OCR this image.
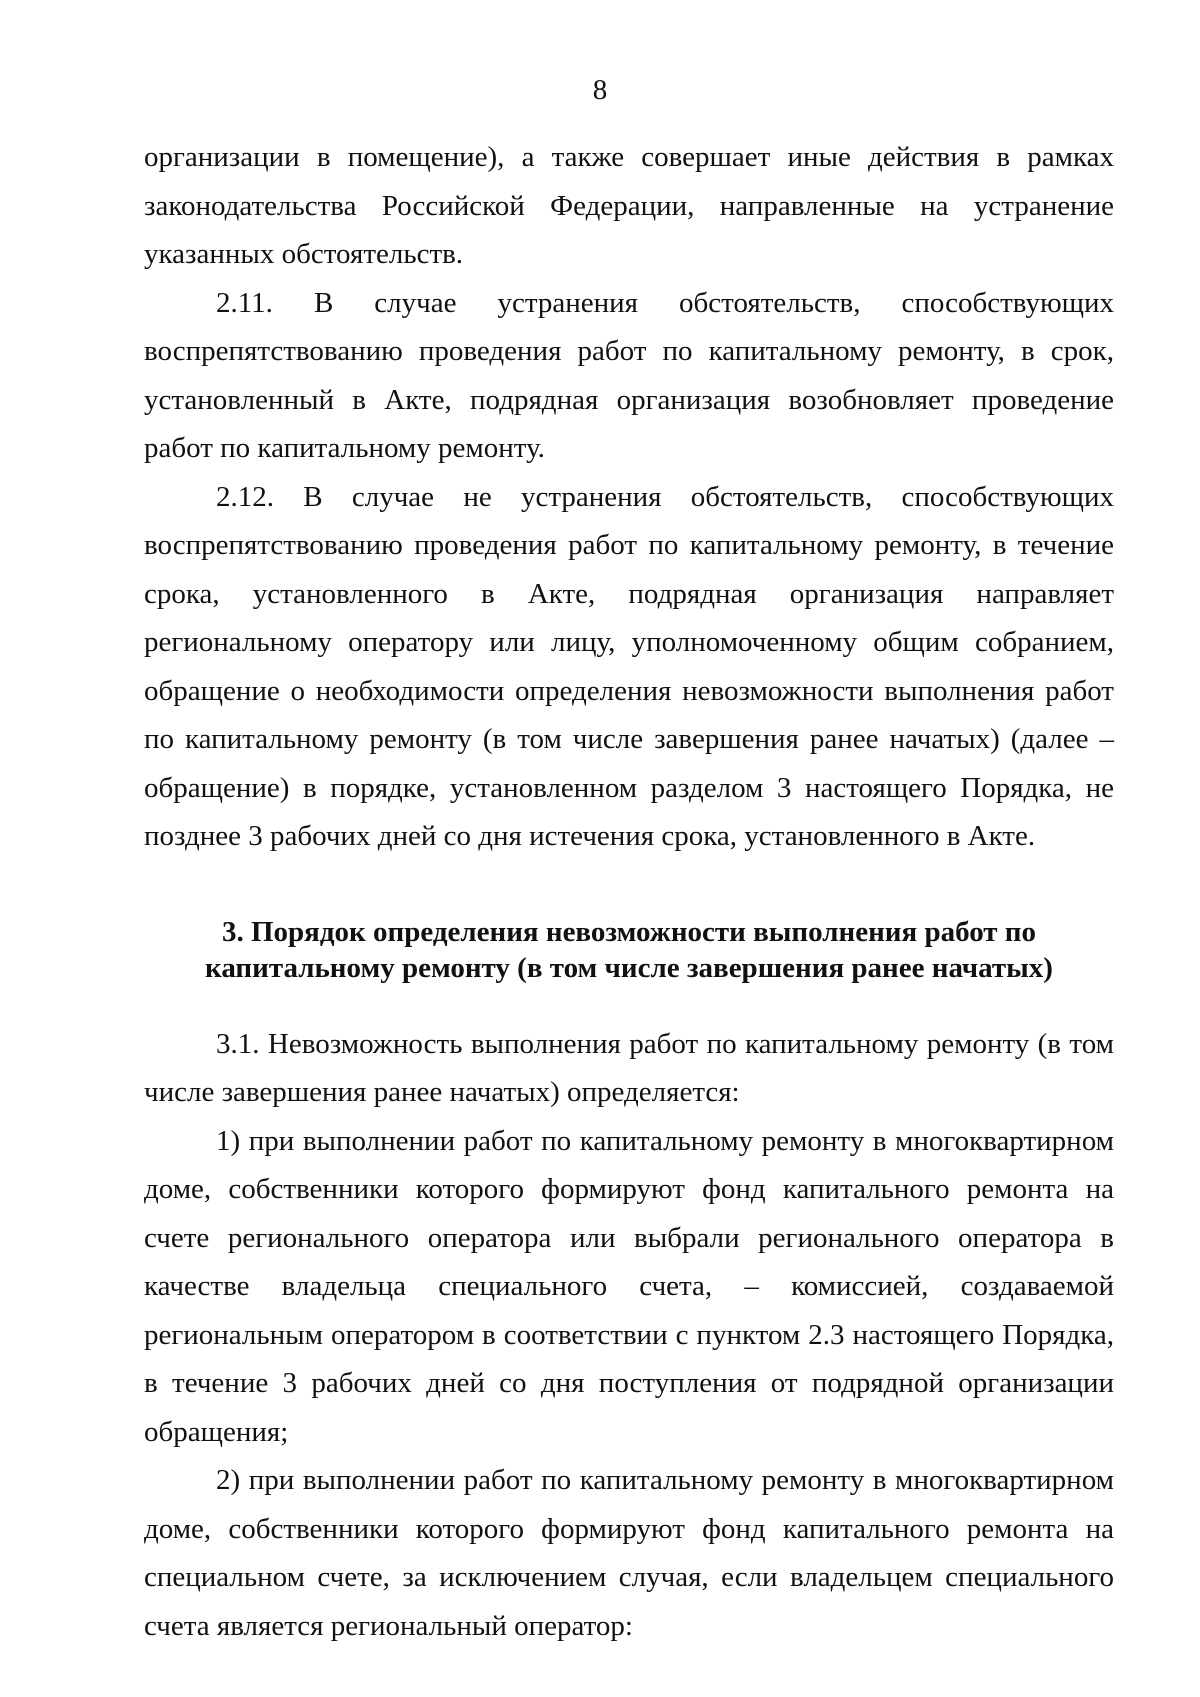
8

организации в помещение), а также совершает иные действия в рамках законодательства Российской Федерации, направленные на устранение указанных обстоятельств.

2.11. В случае устранения обстоятельств, способствующих воспрепятствованию проведения работ по капитальному ремонту, в срок, установленный в Акте, подрядная организация возобновляет проведение работ по капитальному ремонту.

2.12. В случае не устранения обстоятельств, способствующих воспрепятствованию проведения работ по капитальному ремонту, в течение срока, установленного в Акте, подрядная организация направляет региональному оператору или лицу, уполномоченному общим собранием, обращение о необходимости определения невозможности выполнения работ по капитальному ремонту (в том числе завершения ранее начатых) (далее – обращение) в порядке, установленном разделом 3 настоящего Порядка, не позднее 3 рабочих дней со дня истечения срока, установленного в Акте.

3. Порядок определения невозможности выполнения работ по
капитальному ремонту (в том числе завершения ранее начатых)

3.1. Невозможность выполнения работ по капитальному ремонту (в том числе завершения ранее начатых) определяется:

1) при выполнении работ по капитальному ремонту в многоквартирном доме, собственники которого формируют фонд капитального ремонта на счете регионального оператора или выбрали регионального оператора в качестве владельца специального счета, – комиссией, создаваемой региональным оператором в соответствии с пунктом 2.3 настоящего Порядка, в течение 3 рабочих дней со дня поступления от подрядной организации обращения;

2) при выполнении работ по капитальному ремонту в многоквартирном доме, собственники которого формируют фонд капитального ремонта на специальном счете, за исключением случая, если владельцем специального счета является региональный оператор:
